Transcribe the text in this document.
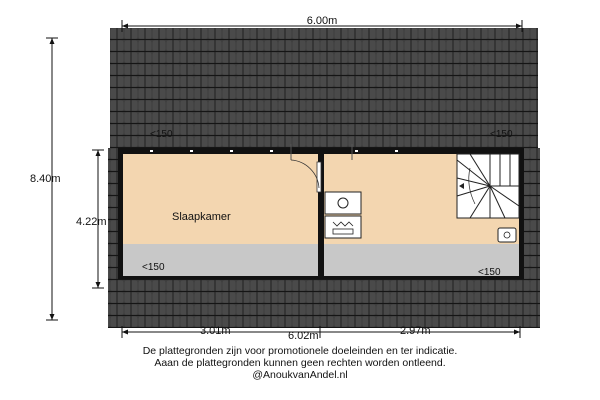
<150	<150
<150	<150
Slaapkamer
6.00m
8.40m
4.22m
3.01m	6.02m	2.97m
De plattegronden zijn voor promotionele doeleinden en ter indicatie.
Aaan de plattegronden kunnen geen rechten worden ontleend.
@AnoukvanAndel.nl
